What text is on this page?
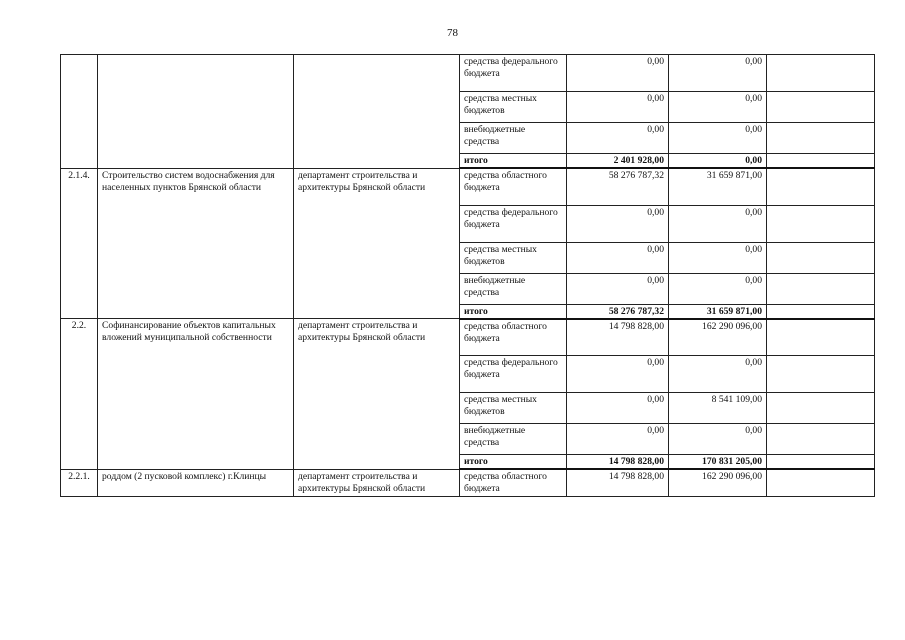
78
			средства федерального бюджета	0,00	0,00	
			средства местных бюджетов	0,00	0,00	
			внебюджетные средства	0,00	0,00	
			итого	2 401 928,00	0,00	
2.1.4.	Строительство систем водоснабжения для населенных пунктов Брянской области	департамент строительства и архитектуры Брянской области	средства областного бюджета	58 276 787,32	31 659 871,00	
			средства федерального бюджета	0,00	0,00	
			средства местных бюджетов	0,00	0,00	
			внебюджетные средства	0,00	0,00	
			итого	58 276 787,32	31 659 871,00	
2.2.	Софинансирование объектов капитальных вложений муниципальной собственности	департамент строительства и архитектуры Брянской области	средства областного бюджета	14 798 828,00	162 290 096,00	
			средства федерального бюджета	0,00	0,00	
			средства местных бюджетов	0,00	8 541 109,00	
			внебюджетные средства	0,00	0,00	
			итого	14 798 828,00	170 831 205,00	
2.2.1.	роддом (2 пусковой комплекс) г.Клинцы	департамент строительства и архитектуры Брянской области	средства областного бюджета	14 798 828,00	162 290 096,00	
